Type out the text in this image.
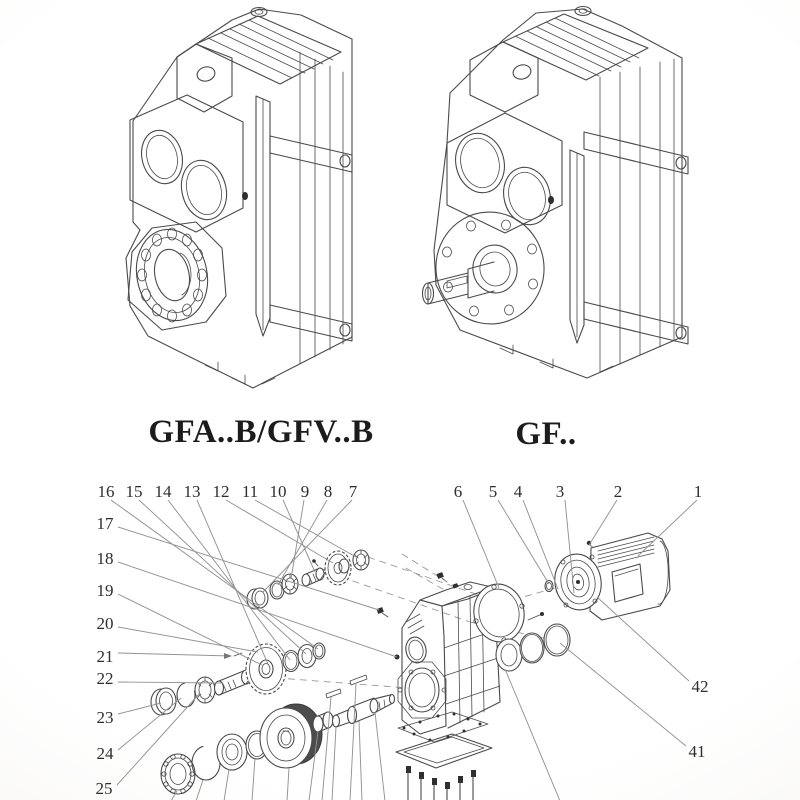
16 15 14 13 12 11 10 9 8 7	6 5 4 3	2	1
17
18
19
20
21
22
23
24
25
42
41
GFA..B/GFV..B	GF..
